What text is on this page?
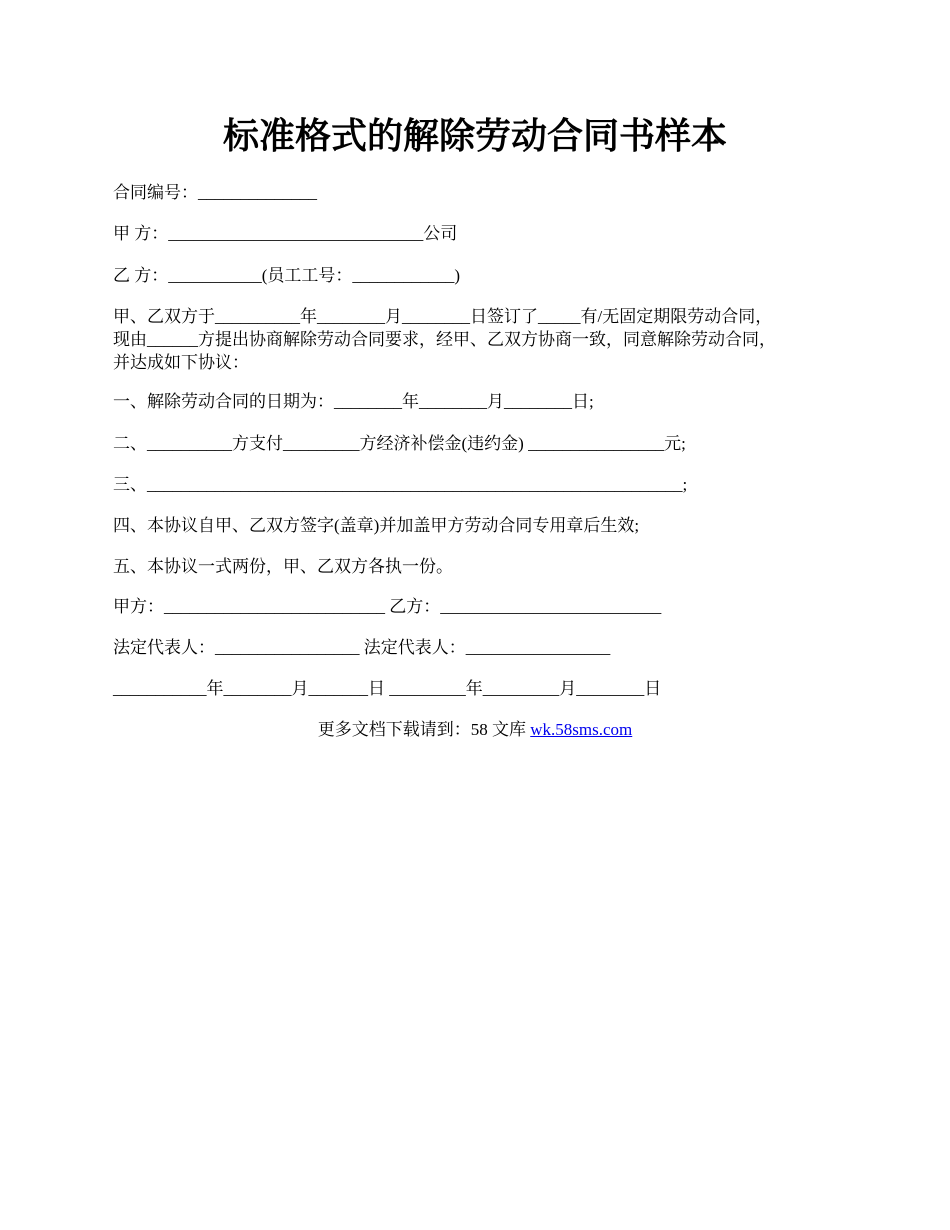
标准格式的解除劳动合同书样本
合同编号：______________
甲 方：______________________________公司
乙 方：___________(员工工号：____________)
甲、乙双方于__________年________月________日签订了_____有/无固定期限劳动合同，
现由______方提出协商解除劳动合同要求，经甲、乙双方协商一致，同意解除劳动合同，
并达成如下协议：
一、解除劳动合同的日期为：________年________月________日;
二、__________方支付_________方经济补偿金(违约金) ________________元;
三、_______________________________________________________________;
四、本协议自甲、乙双方签字(盖章)并加盖甲方劳动合同专用章后生效;
五、本协议一式两份，甲、乙双方各执一份。
甲方：__________________________ 乙方：__________________________
法定代表人：_________________ 法定代表人：_________________
___________年________月_______日 _________年_________月________日
更多文档下载请到：58 文库 wk.58sms.com
